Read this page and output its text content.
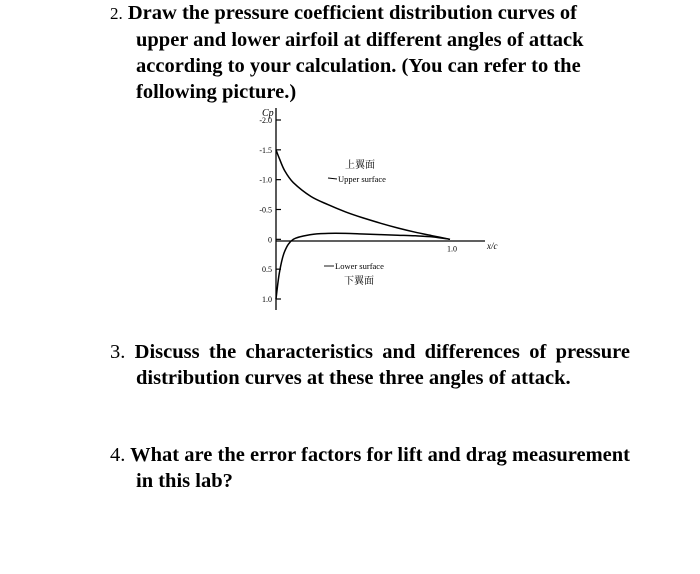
2. Draw the pressure coefficient distribution curves of upper and lower airfoil at different angles of attack according to your calculation. (You can refer to the following picture.)
-2.0
-1.5
-1.0
-0.5
0
0.5
1.0
1.0
Cp
x/c
上翼面
Upper surface
Lower surface
下翼面
3. Discuss the characteristics and differences of pressure distribution curves at these three angles of attack.
4. What are the error factors for lift and drag measurement in this lab?
